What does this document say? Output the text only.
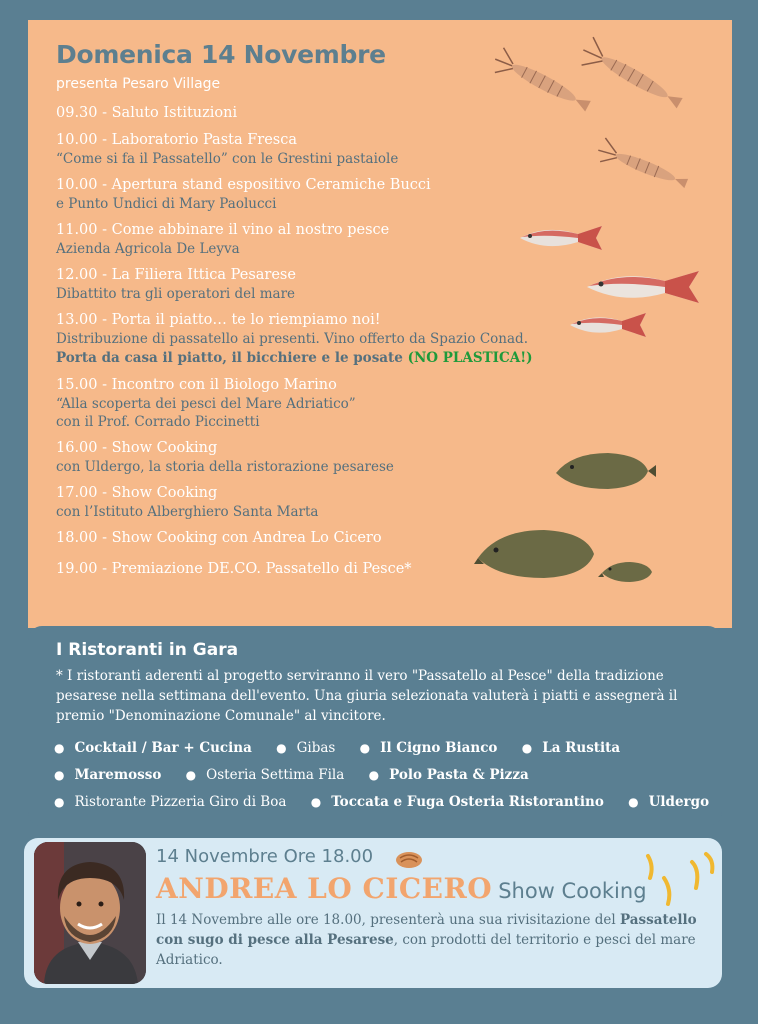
Domenica 14 Novembre
presenta Pesaro Village
09.30 - Saluto Istituzioni
10.00 - Laboratorio Pasta Fresca
“Come si fa il Passatello” con le Grestini pastaiole
10.00 - Apertura stand espositivo Ceramiche Bucci
e Punto Undici di Mary Paolucci
11.00 - Come abbinare il vino al nostro pesce
Azienda Agricola De Leyva
12.00 - La Filiera Ittica Pesarese
Dibattito tra gli operatori del mare
13.00 - Porta il piatto… te lo riempiamo noi!
Distribuzione di passatello ai presenti. Vino offerto da Spazio Conad.
Porta da casa il piatto, il bicchiere e le posate (NO PLASTICA!)
15.00 - Incontro con il Biologo Marino
“Alla scoperta dei pesci del Mare Adriatico”
con il Prof. Corrado Piccinetti
16.00 - Show Cooking
con Uldergo, la storia della ristorazione pesarese
17.00 - Show Cooking
con l’Istituto Alberghiero Santa Marta
18.00 - Show Cooking con Andrea Lo Cicero
19.00 - Premiazione DE.CO. Passatello di Pesce*
I Ristoranti in Gara
* I ristoranti aderenti al progetto serviranno il vero "Passatello al Pesce" della tradizione pesarese nella settimana dell'evento. Una giuria selezionata valuterà i piatti e assegnerà il premio "Denominazione Comunale" al vincitore.
● Cocktail / Bar + Cucina ● Gibas ● Il Cigno Bianco ● La Rustita
● Maremosso ● Osteria Settima Fila ● Polo Pasta & Pizza
● Ristorante Pizzeria Giro di Boa ● Toccata e Fuga Osteria Ristorantino ● Uldergo
14 Novembre Ore 18.00
ANDREA LO CICERO Show Cooking
Il 14 Novembre alle ore 18.00, presenterà una sua rivisitazione del Passatello con sugo di pesce alla Pesarese, con prodotti del territorio e pesci del mare Adriatico.
